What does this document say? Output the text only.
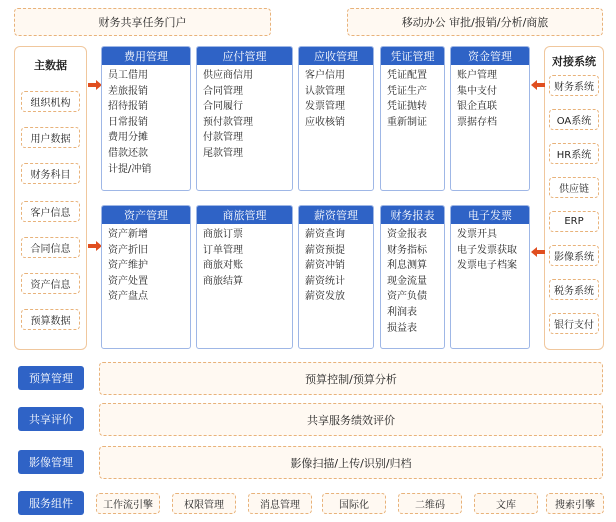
财务共享任务门户	移动办公 审批/报销/分析/商旅
主数据
组织机构
用户数据
财务科目
客户信息
合同信息
资产信息
预算数据
对接系统
财务系统
OA系统
HR系统
供应链
ERP
影像系统
税务系统
银行支付
费用管理
员工借用
差旅报销
招待报销
日常报销
费用分摊
借款还款
计提/冲销
应付管理
供应商信用
合同管理
合同履行
预付款管理
付款管理
尾款管理
应收管理
客户信用
认款管理
发票管理
应收核销
凭证管理
凭证配置
凭证生产
凭证抛转
重新制证
资金管理
账户管理
集中支付
银企直联
票据存档
资产管理
资产新增
资产折旧
资产维护
资产处置
资产盘点
商旅管理
商旅订票
订单管理
商旅对账
商旅结算
薪资管理
薪资查询
薪资预提
薪资冲销
薪资统计
薪资发放
财务报表
资金报表
财务指标
利息测算
现金流量
资产负债
利润表
损益表
电子发票
发票开具
电子发票获取
发票电子档案
预算管理	预算控制/预算分析
共享评价	共享服务绩效评价
影像管理	影像扫描/上传/识别/归档
服务组件	工作流引擎	权限管理	消息管理	国际化	二维码	文库	搜索引擎
